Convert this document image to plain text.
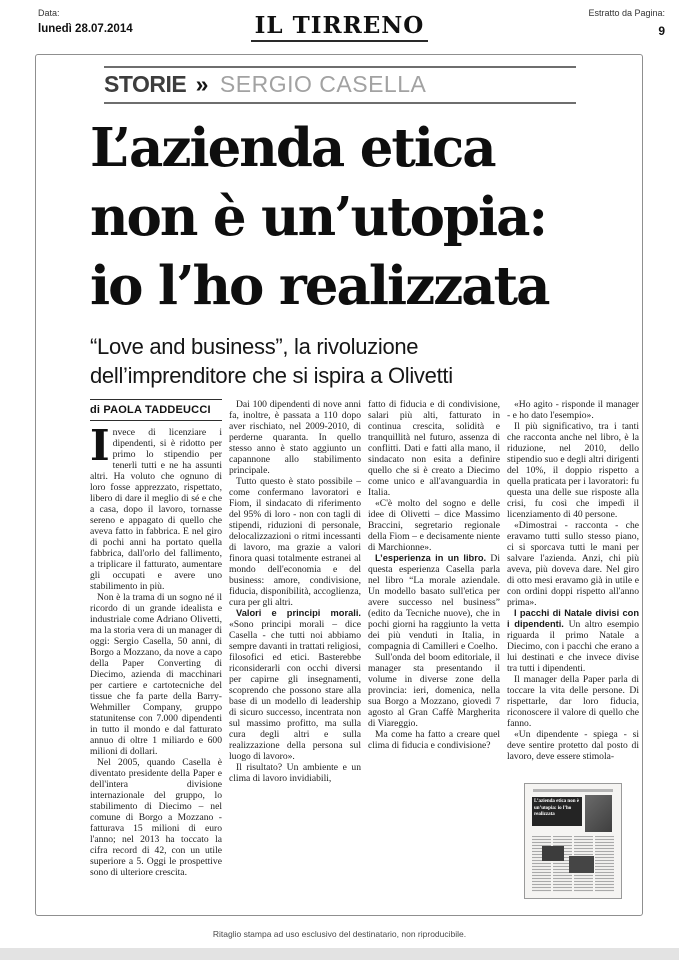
Data:
lunedì 28.07.2014	IL TIRRENO	Estratto da Pagina:
9
STORIE » SERGIO CASELLA
L’azienda etica
non è un’utopia:
io l’ho realizzata
“Love and business”, la rivoluzione
dell’imprenditore che si ispira a Olivetti
di PAOLA TADDEUCCI

Invece di licenziare i dipendenti, si è ridotto per primo lo stipendio per tenerli tutti e ne ha assunti altri. Ha voluto che ognuno di loro fosse apprezzato, rispettato, libero di dare il meglio di sé e che a casa, dopo il lavoro, tornasse sereno e appagato di quello che aveva fatto in fabbrica. E nel giro di pochi anni ha portato quella fabbrica, dall'orlo del fallimento, a triplicare il fatturato, aumentare gli occupati e avere uno stabilimento in più.

Non è la trama di un sogno né il ricordo di un grande idealista e industriale come Adriano Olivetti, ma la storia vera di un manager di oggi: Sergio Casella, 50 anni, di Borgo a Mozzano, da nove a capo della Paper Converting di Diecimo, azienda di macchinari per cartiere e cartotecniche del tissue che fa parte della Barry-Wehmiller Company, gruppo statunitense con 7.000 dipendenti in tutto il mondo e dal fatturato annuo di oltre 1 miliardo e 600 milioni di dollari.

Nel 2005, quando Casella è diventato presidente della Paper e dell'intera divisione internazionale del gruppo, lo stabilimento di Diecimo – nel comune di Borgo a Mozzano - fatturava 15 milioni di euro l'anno; nel 2013 ha toccato la cifra record di 42, con un utile superiore a 5. Oggi le prospettive sono di ulteriore crescita.

Dai 100 dipendenti di nove anni fa, inoltre, è passata a 110 dopo aver rischiato, nel 2009-2010, di perderne quaranta. In quello stesso anno è stato aggiunto un capannone allo stabilimento principale.

Tutto questo è stato possibile – come confermano lavoratori e Fiom, il sindacato di riferimento del 95% di loro - non con tagli di stipendi, riduzioni di personale, delocalizzazioni o ritmi incessanti di lavoro, ma grazie a valori finora quasi totalmente estranei al mondo dell'economia e del business: amore, condivisione, fiducia, disponibilità, accoglienza, cura per gli altri.

Valori e principi morali. «Sono principi morali – dice Casella - che tutti noi abbiamo sempre davanti in trattati religiosi, filosofici ed etici. Basterebbe riconsiderarli con occhi diversi per capirne gli insegnamenti, scoprendo che possono stare alla base di un modello di leadership di sicuro successo, incentrata non sul massimo profitto, ma sulla cura degli altri e sulla realizzazione della persona sul luogo di lavoro».

Il risultato? Un ambiente e un clima di lavoro invidiabili,

fatto di fiducia e di condivisione, salari più alti, fatturato in continua crescita, solidità e tranquillità nel futuro, assenza di conflitti. Dati e fatti alla mano, il sindacato non esita a definire quello che si è creato a Diecimo come unico e all'avanguardia in Italia.

«C'è molto del sogno e delle idee di Olivetti – dice Massimo Braccini, segretario regionale della Fiom – e decisamente niente di Marchionne».

L’esperienza in un libro. Di questa esperienza Casella parla nel libro “La morale aziendale. Un modello basato sull'etica per avere successo nel business” (edito da Tecniche nuove), che in pochi giorni ha raggiunto la vetta dei più venduti in Italia, in compagnia di Camilleri e Coelho.

Sull'onda del boom editoriale, il manager sta presentando il volume in diverse zone della provincia: ieri, domenica, nella sua Borgo a Mozzano, giovedì 7 agosto al Gran Caffè Margherita di Viareggio.

Ma come ha fatto a creare quel clima di fiducia e condivisione?

«Ho agito - risponde il manager - e ho dato l'esempio».

Il più significativo, tra i tanti che racconta anche nel libro, è la riduzione, nel 2010, dello stipendio suo e degli altri dirigenti del 10%, il doppio rispetto a quella praticata per i lavoratori: fu questa una delle sue risposte alla crisi, fu così che impedì il licenziamento di 40 persone.

«Dimostrai - racconta - che eravamo tutti sullo stesso piano, ci si sporcava tutti le mani per salvare l'azienda. Anzi, chi più aveva, più doveva dare. Nel giro di otto mesi eravamo già in utile e con ordini doppi rispetto all'anno prima».

I pacchi di Natale divisi con i dipendenti. Un altro esempio riguarda il primo Natale a Diecimo, con i pacchi che erano a lui destinati e che invece divise tra tutti i dipendenti.

Il manager della Paper parla di toccare la vita delle persone. Di rispettarle, dar loro fiducia, riconoscere il valore di quello che fanno.

«Un dipendente - spiega - si deve sentire protetto dal posto di lavoro, deve essere stimola-

L’azienda etica non è un’utopia: io l’ho realizzata
Ritaglio stampa ad uso esclusivo del destinatario, non riproducibile.
